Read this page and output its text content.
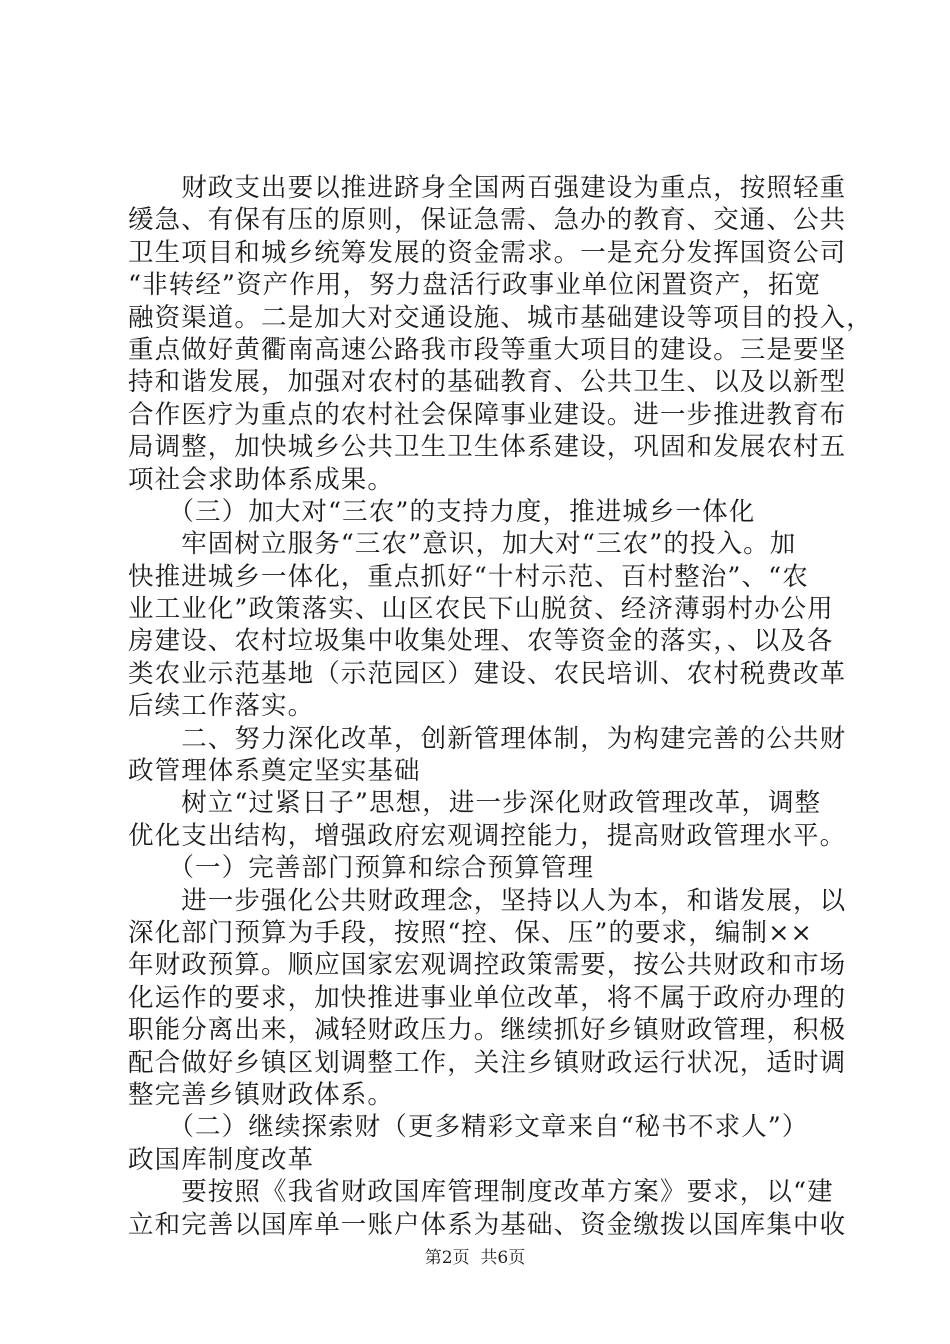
　　财政支出要以推进跻身全国两百强建设为重点，按照轻重
缓急、有保有压的原则，保证急需、急办的教育、交通、公共
卫生项目和城乡统筹发展的资金需求。一是充分发挥国资公司
“非转经”资产作用，努力盘活行政事业单位闲置资产，拓宽
融资渠道。二是加大对交通设施、城市基础建设等项目的投入，
重点做好黄衢南高速公路我市段等重大项目的建设。三是要坚
持和谐发展，加强对农村的基础教育、公共卫生、以及以新型
合作医疗为重点的农村社会保障事业建设。进一步推进教育布
局调整，加快城乡公共卫生卫生体系建设，巩固和发展农村五
项社会求助体系成果。
　　（三）加大对“三农”的支持力度，推进城乡一体化
　　牢固树立服务“三农”意识，加大对“三农”的投入。加
快推进城乡一体化，重点抓好“十村示范、百村整治”、“农
业工业化”政策落实、山区农民下山脱贫、经济薄弱村办公用
房建设、农村垃圾集中收集处理、农等资金的落实，、以及各
类农业示范基地（示范园区）建设、农民培训、农村税费改革
后续工作落实。
　　二、努力深化改革，创新管理体制，为构建完善的公共财
政管理体系奠定坚实基础
　　树立“过紧日子”思想，进一步深化财政管理改革，调整
优化支出结构，增强政府宏观调控能力，提高财政管理水平。
　　（一）完善部门预算和综合预算管理
　　进一步强化公共财政理念，坚持以人为本，和谐发展，以
深化部门预算为手段，按照“控、保、压”的要求，编制××
年财政预算。顺应国家宏观调控政策需要，按公共财政和市场
化运作的要求，加快推进事业单位改革，将不属于政府办理的
职能分离出来，减轻财政压力。继续抓好乡镇财政管理，积极
配合做好乡镇区划调整工作，关注乡镇财政运行状况，适时调
整完善乡镇财政体系。
　　（二）继续探索财（更多精彩文章来自“秘书不求人”）
政国库制度改革
　　要按照《我省财政国库管理制度改革方案》要求，以“建
立和完善以国库单一账户体系为基础、资金缴拨以国库集中收
第2页  共6页
